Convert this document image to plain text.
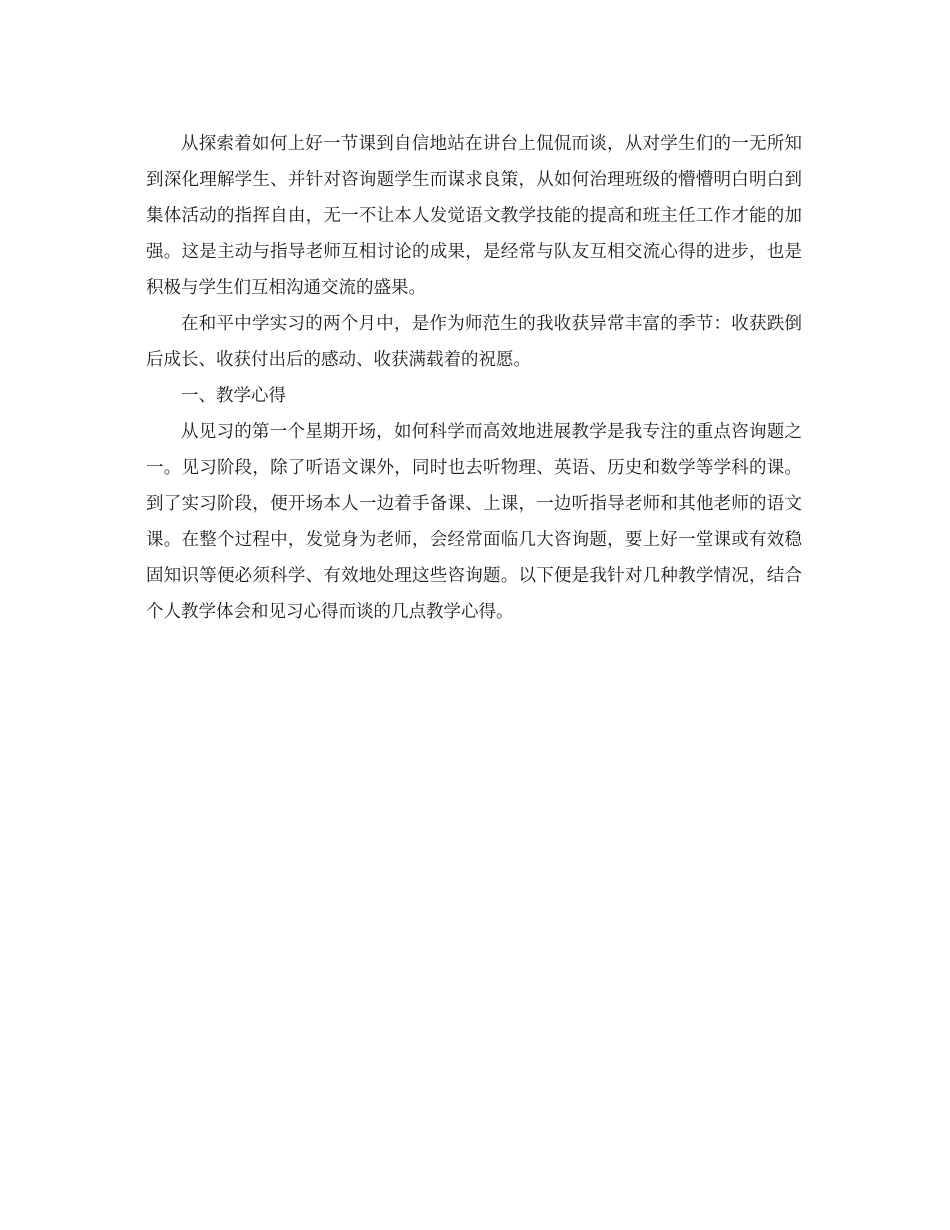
从探索着如何上好一节课到自信地站在讲台上侃侃而谈，从对学生们的一无所知到深化理解学生、并针对咨询题学生而谋求良策，从如何治理班级的懵懵明白明白到集体活动的指挥自由，无一不让本人发觉语文教学技能的提高和班主任工作才能的加强。这是主动与指导老师互相讨论的成果，是经常与队友互相交流心得的进步，也是积极与学生们互相沟通交流的盛果。

在和平中学实习的两个月中，是作为师范生的我收获异常丰富的季节：收获跌倒后成长、收获付出后的感动、收获满载着的祝愿。

一、教学心得

从见习的第一个星期开场，如何科学而高效地进展教学是我专注的重点咨询题之一。见习阶段，除了听语文课外，同时也去听物理、英语、历史和数学等学科的课。到了实习阶段，便开场本人一边着手备课、上课，一边听指导老师和其他老师的语文课。在整个过程中，发觉身为老师，会经常面临几大咨询题，要上好一堂课或有效稳固知识等便必须科学、有效地处理这些咨询题。以下便是我针对几种教学情况，结合个人教学体会和见习心得而谈的几点教学心得。
